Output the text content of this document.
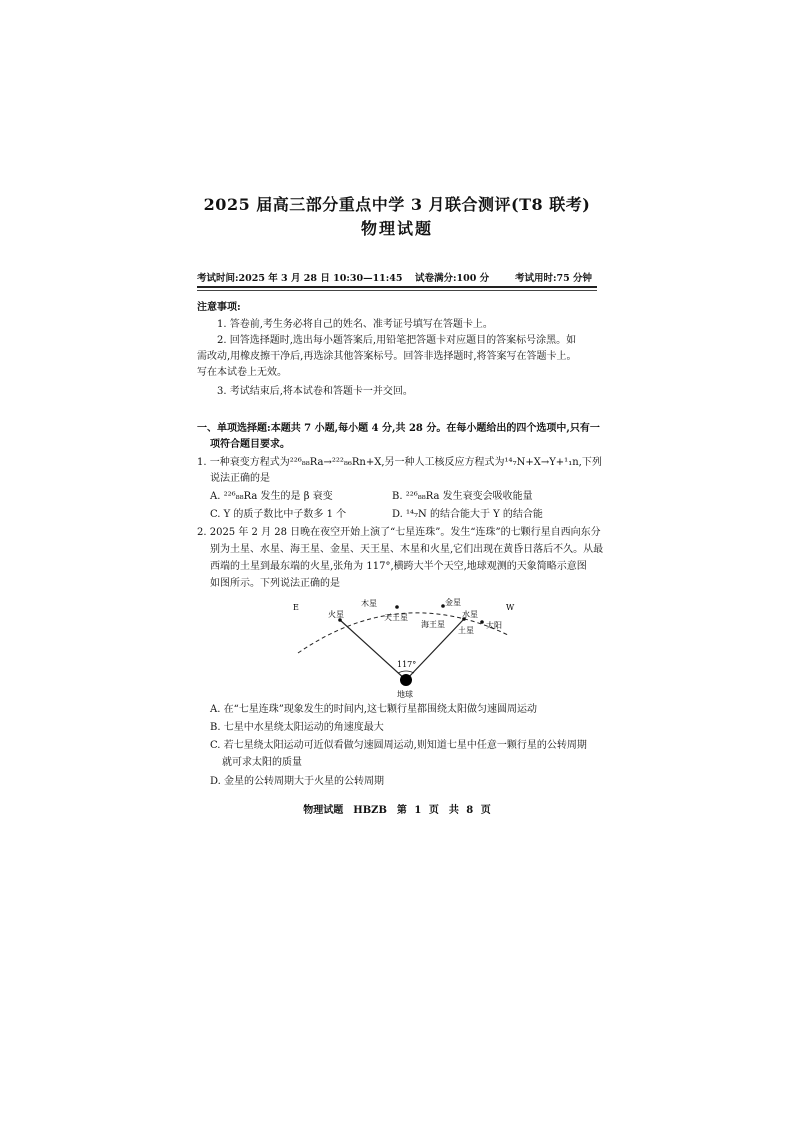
2025 届高三部分重点中学 3 月联合测评(T8 联考)
物理试题
考试时间:2025 年 3 月 28 日 10:30—11:45 试卷满分:100 分	考试用时:75 分钟
注意事项:
1. 答卷前,考生务必将自己的姓名、准考证号填写在答题卡上。
2. 回答选择题时,选出每小题答案后,用铅笔把答题卡对应题目的答案标号涂黑。如
需改动,用橡皮擦干净后,再选涂其他答案标号。回答非选择题时,将答案写在答题卡上。
写在本试卷上无效。
3. 考试结束后,将本试卷和答题卡一并交回。
一、单项选择题:本题共 7 小题,每小题 4 分,共 28 分。在每小题给出的四个选项中,只有一
项符合题目要求。
1. 一种衰变方程式为²²⁶₈₈Ra→²²²₈₆Rn+X,另一种人工核反应方程式为¹⁴₇N+X→Y+¹₁n,下列
说法正确的是
A. ²²⁶₈₈Ra 发生的是 β 衰变	B. ²²⁶₈₈Ra 发生衰变会吸收能量
C. Y 的质子数比中子数多 1 个	D. ¹⁴₇N 的结合能大于 Y 的结合能
2. 2025 年 2 月 28 日晚在夜空开始上演了“七星连珠”。发生“连珠”的七颗行星自西向东分
别为土星、水星、海王星、金星、天王星、木星和火星,它们出现在黄昏日落后不久。从最
西端的土星到最东端的火星,张角为 117°,横跨大半个天空,地球观测的天象简略示意图
如图所示。下列说法正确的是
E	W
火星
木星
天王星
金星
海王星
水星
土星
太阳
117°
地球
A. 在“七星连珠”现象发生的时间内,这七颗行星都围绕太阳做匀速圆周运动
B. 七星中水星绕太阳运动的角速度最大
C. 若七星绕太阳运动可近似看做匀速圆周运动,则知道七星中任意一颗行星的公转周期
就可求太阳的质量
D. 金星的公转周期大于火星的公转周期
物理试题　HBZB　第 1 页　共 8 页
